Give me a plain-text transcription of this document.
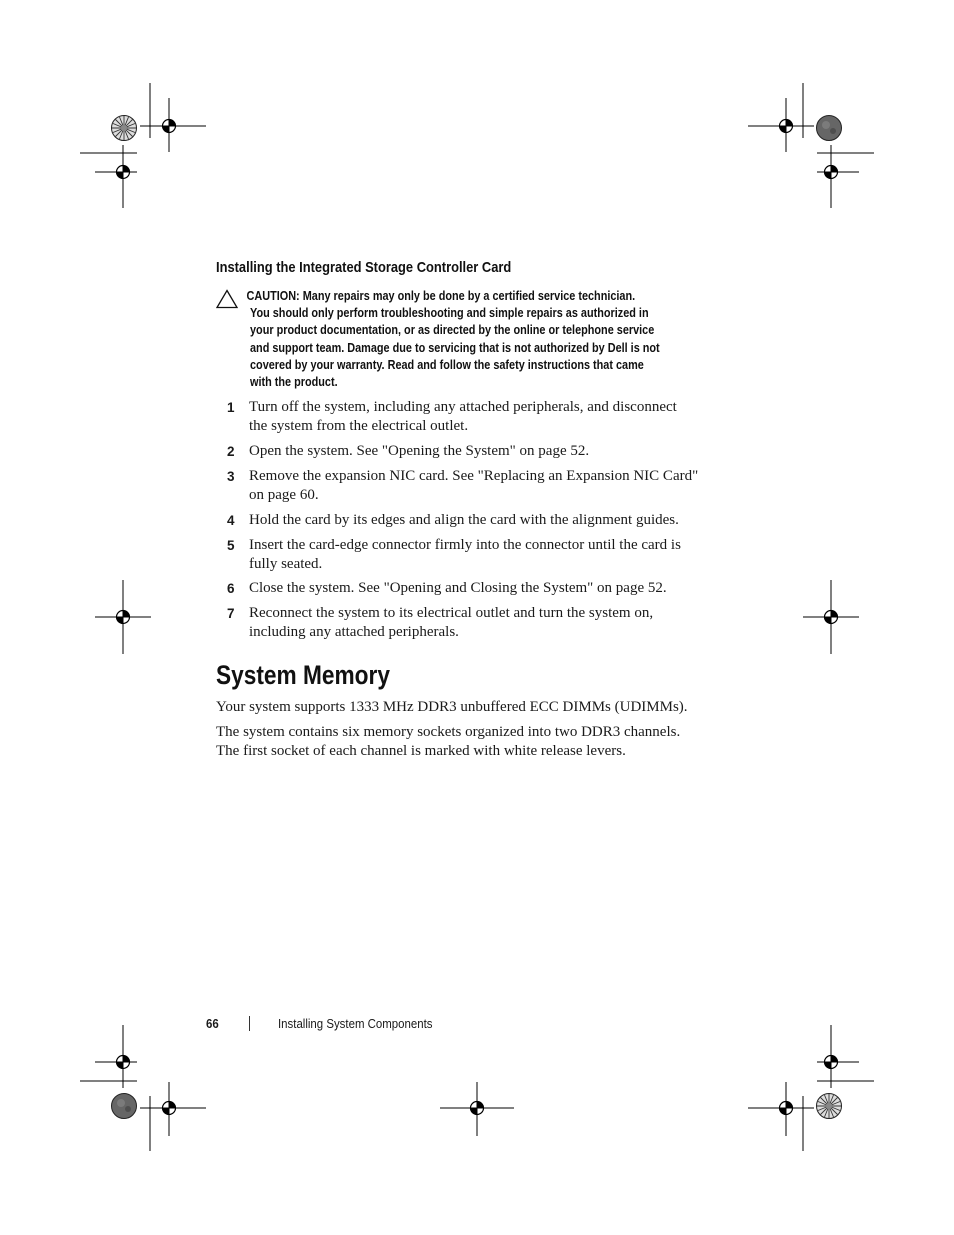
Installing the Integrated Storage Controller Card
CAUTION: Many repairs may only be done by a certified service technician.
You should only perform troubleshooting and simple repairs as authorized in
your product documentation, or as directed by the online or telephone service
and support team. Damage due to servicing that is not authorized by Dell is not
covered by your warranty. Read and follow the safety instructions that came
with the product.
1 Turn off the system, including any attached peripherals, and disconnect
the system from the electrical outlet.
2 Open the system. See "Opening the System" on page 52.
3 Remove the expansion NIC card. See "Replacing an Expansion NIC Card"
on page 60.
4 Hold the card by its edges and align the card with the alignment guides.
5 Insert the card-edge connector firmly into the connector until the card is
fully seated.
6 Close the system. See "Opening and Closing the System" on page 52.
7 Reconnect the system to its electrical outlet and turn the system on,
including any attached peripherals.
System Memory
Your system supports 1333 MHz DDR3 unbuffered ECC DIMMs (UDIMMs).
The system contains six memory sockets organized into two DDR3 channels.
The first socket of each channel is marked with white release levers.
66	Installing System Components
